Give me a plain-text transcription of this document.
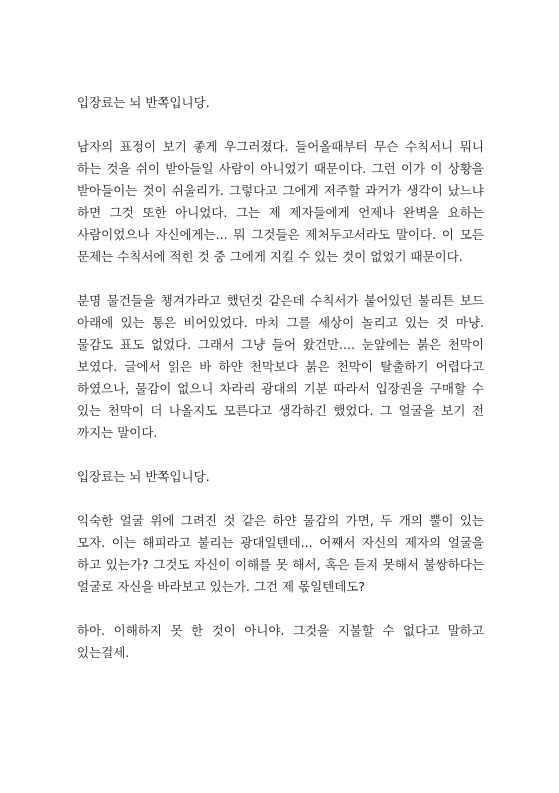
입장료는 뇌 반쪽입니당.

남자의 표정이 보기 좋게 우그러졌다. 들어올때부터 무슨 수칙서니 뭐니 하는 것을 쉬이 받아들일 사람이 아니었기 때문이다. 그런 이가 이 상황을 받아들이는 것이 쉬울리가. 그렇다고 그에게 저주할 과거가 생각이 났느냐 하면 그것 또한 아니었다. 그는 제 제자들에게 언제나 완벽을 요하는 사람이었으나 자신에게는... 뭐 그것들은 제처두고서라도 말이다. 이 모든 문제는 수칙서에 적힌 것 중 그에게 지킬 수 있는 것이 없었기 때문이다.

분명 물건들을 챙겨가라고 했던것 같은데 수칙서가 붙어있던 불리튼 보드 아래에 있는 통은 비어있었다. 마치 그를 세상이 놀리고 있는 것 마냥. 물감도 표도 없었다. 그래서 그냥 들어 왔건만.... 눈앞에는 붉은 천막이 보였다. 글에서 읽은 바 하얀 천막보다 붉은 천막이 탈출하기 어렵다고 하였으나, 물감이 없으니 차라리 광대의 기분 따라서 입장권을 구매할 수 있는 천막이 더 나올지도 모른다고 생각하긴 했었다. 그 얼굴을 보기 전 까지는 말이다.

입장료는 뇌 반쪽입니당.

익숙한 얼굴 위에 그려진 것 같은 하얀 물감의 가면, 두 개의 뿔이 있는 모자. 이는 해피라고 불리는 광대일텐데... 어째서 자신의 제자의 얼굴을 하고 있는가? 그것도 자신이 이해를 못 해서, 혹은 듣지 못해서 불쌍하다는 얼굴로 자신을 바라보고 있는가. 그건 제 몫일텐데도?

하아. 이해하지 못 한 것이 아니야. 그것을 지불할 수 없다고 말하고 있는걸세.
